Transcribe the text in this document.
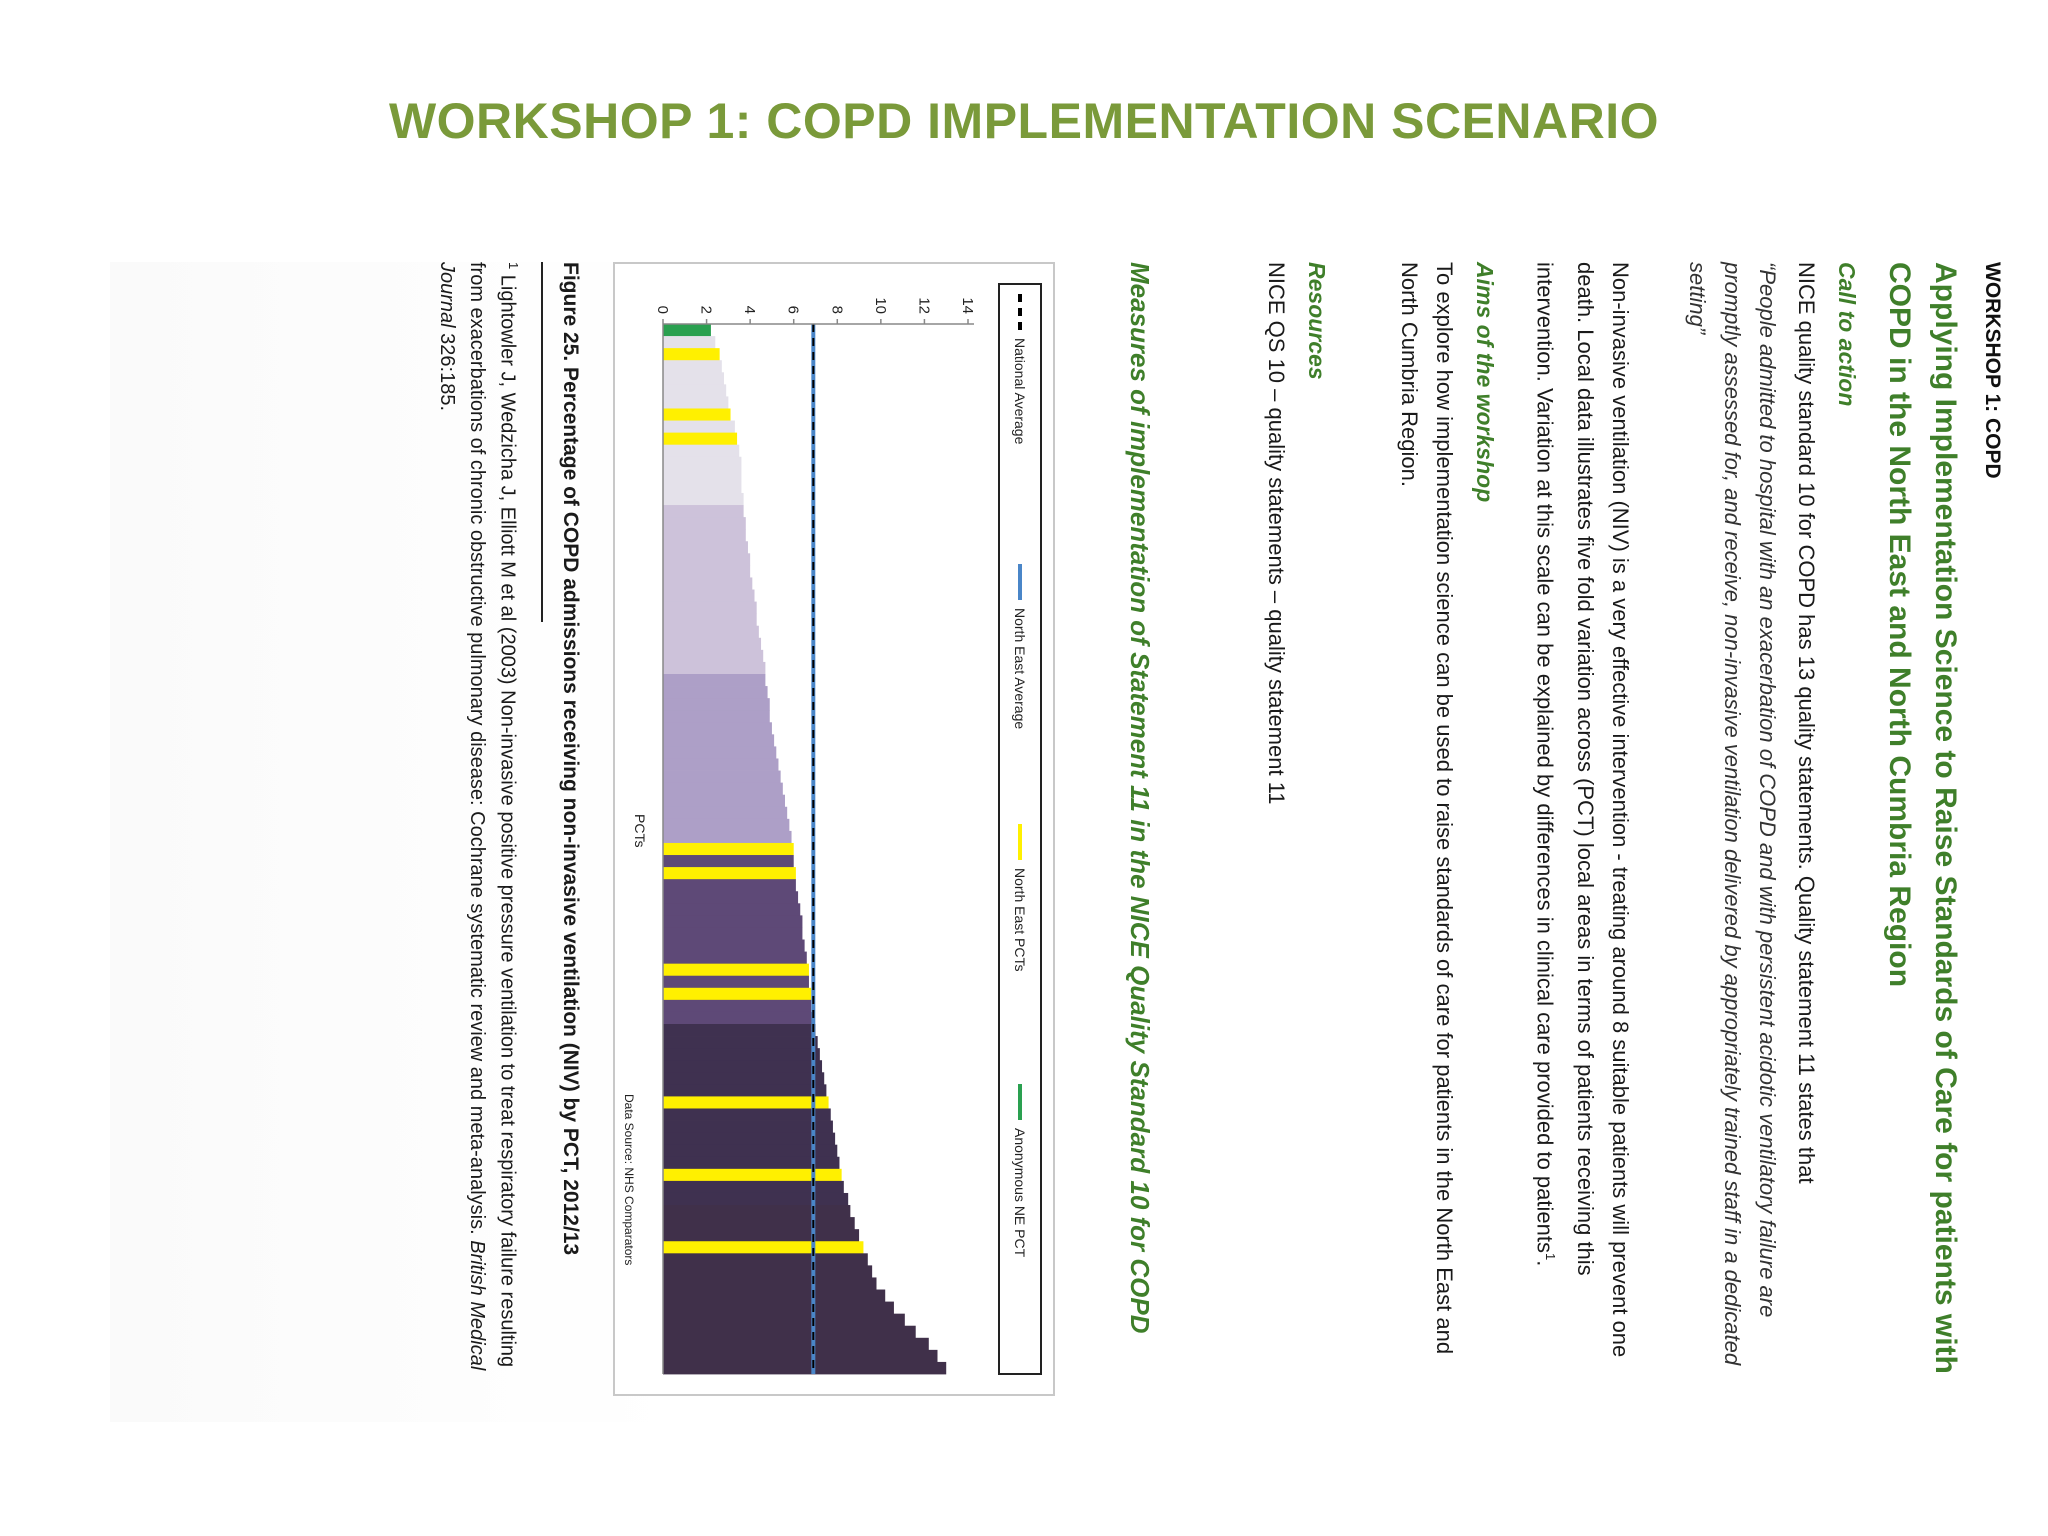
WORKSHOP 1: COPD IMPLEMENTATION SCENARIO
WORKSHOP 1: COPD
Applying Implementation Science to Raise Standards of Care for patients with COPD in the North East and North Cumbria Region
Call to action
NICE quality standard 10 for COPD has 13 quality statements. Quality statement 11 states that
“People admitted to hospital with an exacerbation of COPD and with persistent acidotic ventilatory failure are promptly assessed for, and receive, non-invasive ventilation delivered by appropriately trained staff in a dedicated setting”
Non-invasive ventilation (NIV) is a very effective intervention - treating around 8 suitable patients will prevent one death. Local data illustrates five fold variation across (PCT) local areas in terms of patients receiving this intervention. Variation at this scale can be explained by differences in clinical care provided to patients$^1$.
Aims of the workshop
To explore how implementation science can be used to raise standards of care for patients in the North East and North Cumbria Region.
Resources
NICE QS 10 – quality statements – quality statement 11
Measures of implementation of Statement 11 in the NICE Quality Standard 10 for COPD
National Average
North East Average
North East PCTs
Anonymous NE PCT
0 2 4 6 8 10 12 14
PCTs
Data Source: NHS Comparators
Figure 25. Percentage of COPD admissions receiving non-invasive ventilation (NIV) by PCT, 2012/13
$^1$ Lightowler J, Wedzicha J, Elliott M et al (2003) Non-invasive positive pressure ventilation to treat respiratory failure resulting from exacerbations of chronic obstructive pulmonary disease: Cochrane systematic review and meta-analysis. British Medical Journal 326:185.
